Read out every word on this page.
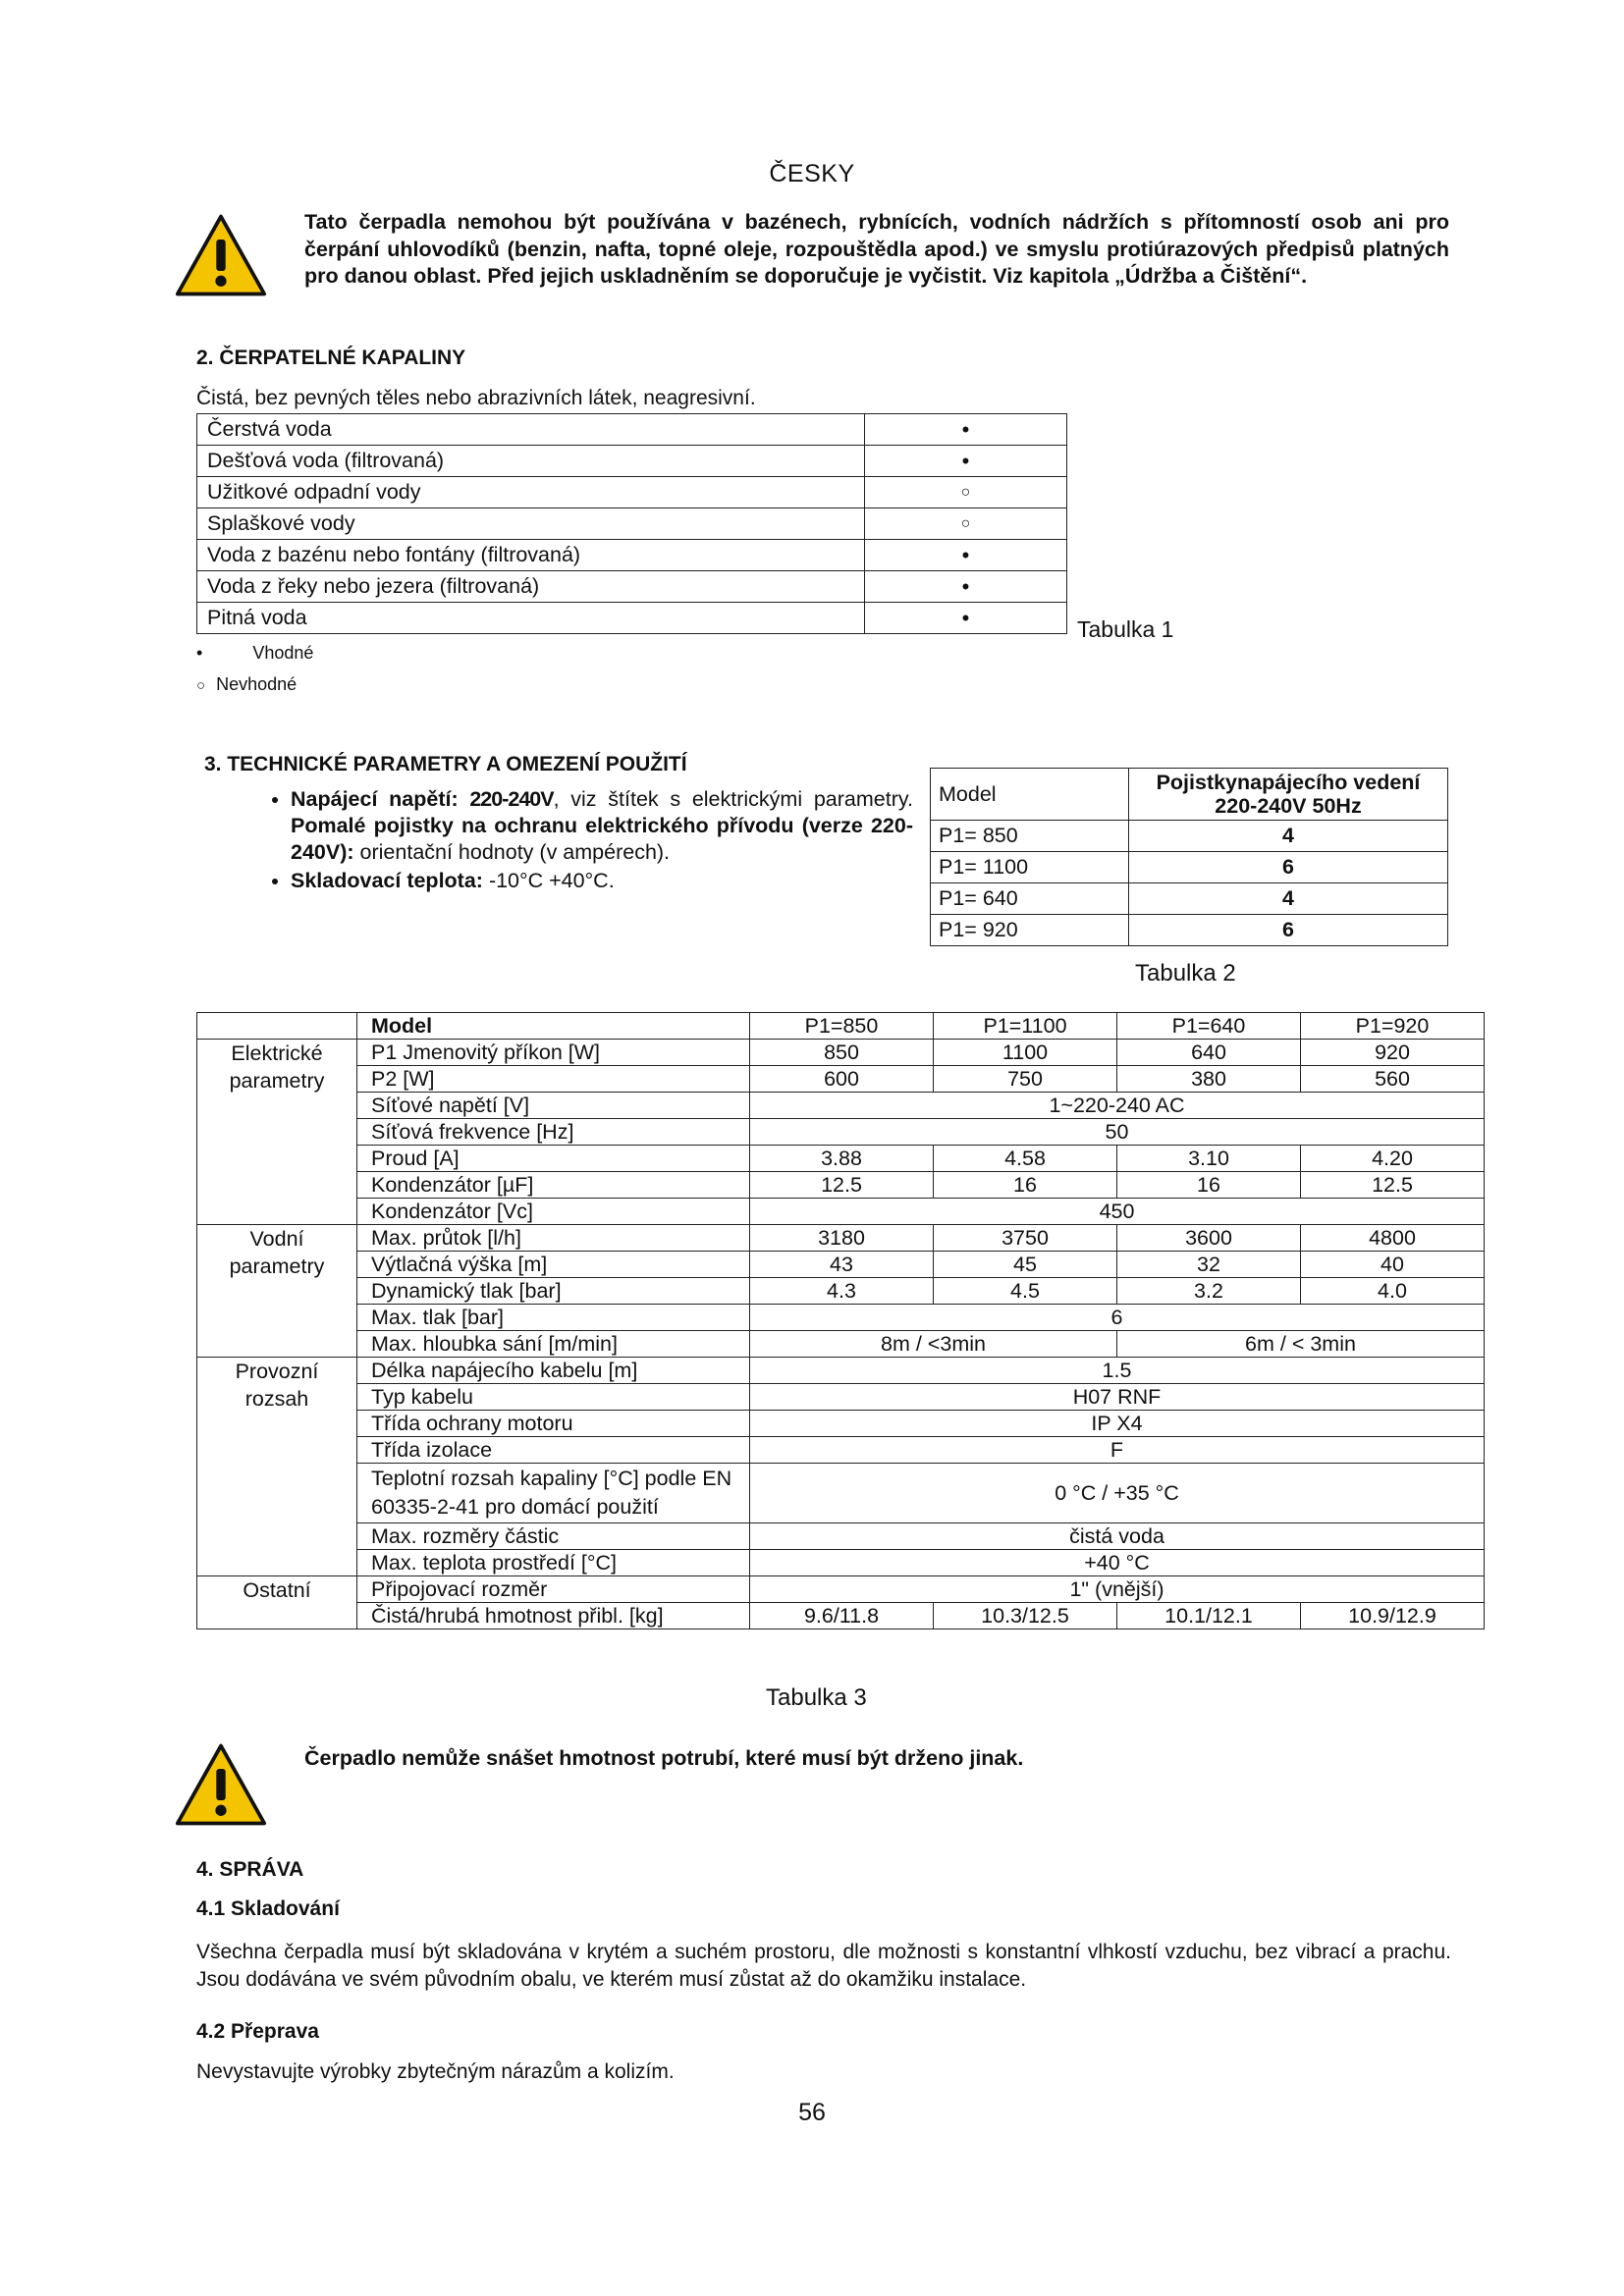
ČESKY
Tato čerpadla nemohou být používána v bazénech, rybnících, vodních nádržích s přítomností osob ani pro čerpání uhlovodíků (benzin, nafta, topné oleje, rozpouštědla apod.) ve smyslu protiúrazových předpisů platných pro danou oblast. Před jejich uskladněním se doporučuje je vyčistit. Viz kapitola „Údržba a Čištění“.
2. ČERPATELNÉ KAPALINY
Čistá, bez pevných těles nebo abrazivních látek, neagresivní.
Čerstvá voda	•
Dešťová voda (filtrovaná)	•
Užitkové odpadní vody	○
Splaškové vody	○
Voda z bazénu nebo fontány (filtrovaná)	•
Voda z řeky nebo jezera (filtrovaná)	•
Pitná voda	•	Tabulka 1
•	Vhodné
○ Nevhodné
3. TECHNICKÉ PARAMETRY A OMEZENÍ POUŽITÍ
• Napájecí napětí: 220-240V, viz štítek s elektrickými parametry. Pomalé pojistky na ochranu elektrického přívodu (verze 220-240V): orientační hodnoty (v ampérech).
• Skladovací teplota: -10°C +40°C.
Model	Pojistkynapájecího vedení 220-240V 50Hz
P1= 850	4
P1= 1100	6
P1= 640	4
P1= 920	6
Tabulka 2
	Model	P1=850	P1=1100	P1=640	P1=920

Elektrické parametry	P1 Jmenovitý příkon [W]	850	1100	640	920
	P2 [W]	600	750	380	560
	Síťové napětí [V]	1~220-240 AC			
	Síťová frekvence [Hz]	50			
	Proud [A]	3.88	4.58	3.10	4.20
	Kondenzátor [µF]	12.5	16	16	12.5
	Kondenzátor [Vc]	450			

Vodní parametry	Max. průtok [l/h]	3180	3750	3600	4800
	Výtlačná výška [m]	43	45	32	40
	Dynamický tlak [bar]	4.3	4.5	3.2	4.0
	Max. tlak [bar]	6			
	Max. hloubka sání [m/min]	8m / <3min		6m / < 3min	

Provozní rozsah	Délka napájecího kabelu [m]	1.5			
	Typ kabelu	H07 RNF			
	Třída ochrany motoru	IP X4			
	Třída izolace	F			
	Teplotní rozsah kapaliny [°C] podle EN 60335-2-41 pro domácí použití	0 °C / +35 °C			
	Max. rozměry částic	čistá voda			
	Max. teplota prostředí [°C]	+40 °C			

Ostatní	Připojovací rozměr	1" (vnější)			
	Čistá/hrubá hmotnost přibl. [kg]	9.6/11.8	10.3/12.5	10.1/12.1	10.9/12.9
Tabulka 3
Čerpadlo nemůže snášet hmotnost potrubí, které musí být drženo jinak.
4. SPRÁVA
4.1 Skladování
Všechna čerpadla musí být skladována v krytém a suchém prostoru, dle možnosti s konstantní vlhkostí vzduchu, bez vibrací a prachu. Jsou dodávána ve svém původním obalu, ve kterém musí zůstat až do okamžiku instalace.
4.2 Přeprava
Nevystavujte výrobky zbytečným nárazům a kolizím.
56
